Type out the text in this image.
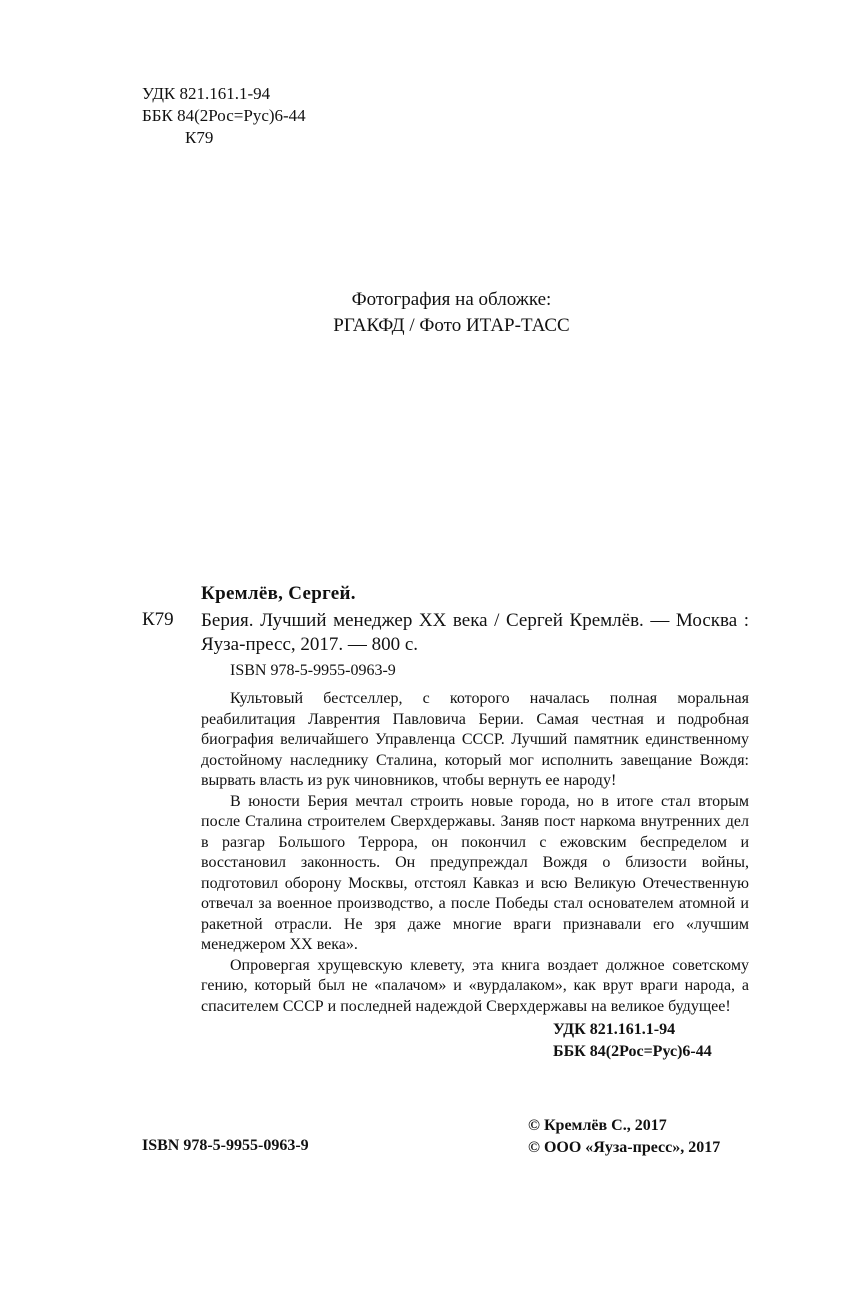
УДК 821.161.1-94
ББК 84(2Рос=Рус)6-44
К79
Фотография на обложке:
РГАКФД / Фото ИТАР-ТАСС
Кремлёв, Сергей.
К79 Берия. Лучший менеджер XX века / Сергей Кремлёв. — Москва : Яуза-пресс, 2017. — 800 с.
ISBN 978-5-9955-0963-9

Культовый бестселлер, с которого началась полная моральная реабилитация Лаврентия Павловича Берии. Самая честная и подробная биография величайшего Управленца СССР. Лучший памятник единственному достойному наследнику Сталина, который мог исполнить завещание Вождя: вырвать власть из рук чиновников, чтобы вернуть ее народу!

В юности Берия мечтал строить новые города, но в итоге стал вторым после Сталина строителем Сверхдержавы. Заняв пост наркома внутренних дел в разгар Большого Террора, он покончил с ежовским беспределом и восстановил законность. Он предупреждал Вождя о близости войны, подготовил оборону Москвы, отстоял Кавказ и всю Великую Отечественную отвечал за военное производство, а после Победы стал основателем атомной и ракетной отрасли. Не зря даже многие враги признавали его «лучшим менеджером XX века».

Опровергая хрущевскую клевету, эта книга воздает должное советскому гению, который был не «палачом» и «вурдалаком», как врут враги народа, а спасителем СССР и последней надеждой Сверхдержавы на великое будущее!

УДК 821.161.1-94
ББК 84(2Рос=Рус)6-44
© Кремлёв С., 2017
© ООО «Яуза-пресс», 2017
ISBN 978-5-9955-0963-9
